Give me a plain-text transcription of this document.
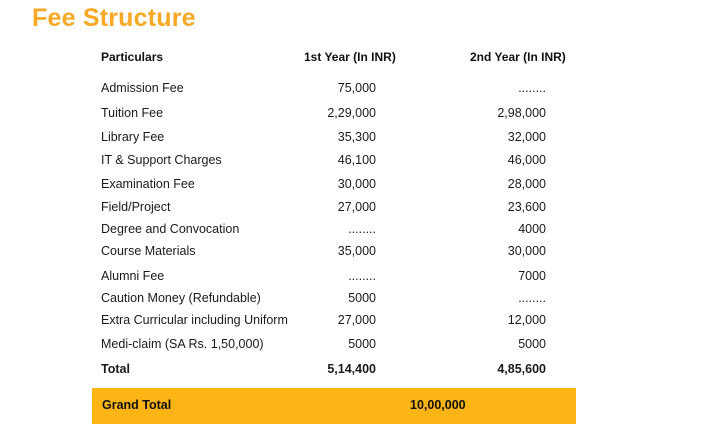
Fee Structure
Particulars	1st Year (In INR)	2nd Year (In INR)
Admission Fee	75,000	........
Tuition Fee	2,29,000	2,98,000
Library Fee	35,300	32,000
IT & Support Charges	46,100	46,000
Examination Fee	30,000	28,000
Field/Project	27,000	23,600
Degree and Convocation	........	4000
Course Materials	35,000	30,000
Alumni Fee	........	7000
Caution Money (Refundable)	5000	........
Extra Curricular including Uniform	27,000	12,000
Medi-claim (SA Rs. 1,50,000)	5000	5000
Total	5,14,400	4,85,600
Grand Total	10,00,000
